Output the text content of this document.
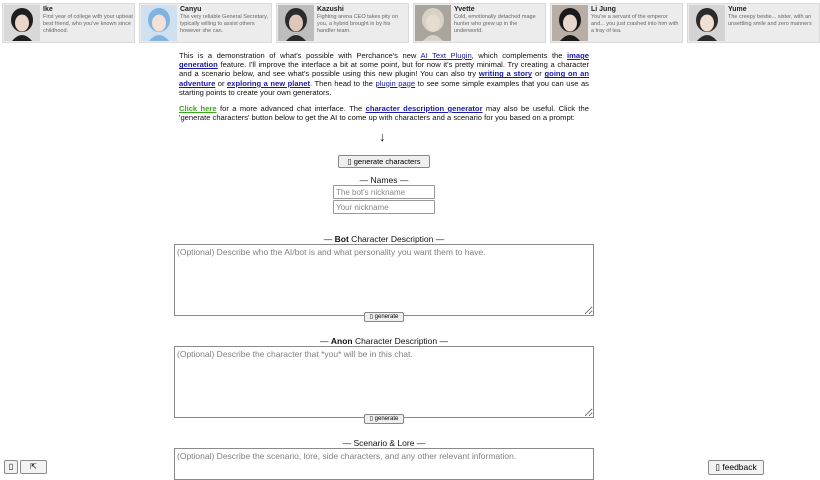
Ike
First year of college with your upbeat best friend, who you've known since childhood.
Canyu
The very reliable General Secretary, typically willing to assist others however she can.
Kazushi
Fighting arena CEO takes pity on you, a hybrid brought in by his handler team.
Yvette
Cold, emotionally detached mage hunter who grew up in the underworld.
Li Jung
You're a servant of the emperor and... you just crashed into him with a tray of tea.
Yume
The creepy bestie... sister, with an unsettling smile and zero manners

This is a demonstration of what's possible with Perchance's new AI Text Plugin, which complements the image generation feature. I'll improve the interface a bit at some point, but for now it's pretty minimal. Try creating a character and a scenario below, and see what's possible using this new plugin! You can also try writing a story or going on an adventure or exploring a new planet. Then head to the plugin page to see some simple examples that you can use as starting points to create your own generators.

Click here for a more advanced chat interface. The character description generator may also be useful. Click the 'generate characters' button below to get the AI to come up with characters and a scenario for you based on a prompt:

↓
▯ generate characters
— Names —
The bot's nickname
Your nickname
— Bot Character Description —
(Optional) Describe who the AI/bot is and what personality you want them to have.
▯ generate
— Anon Character Description —
(Optional) Describe the character that *you* will be in this chat.
▯ generate
— Scenario & Lore —
(Optional) Describe the scenario, lore, side characters, and any other relevant information.
▯	⇱	▯ feedback
